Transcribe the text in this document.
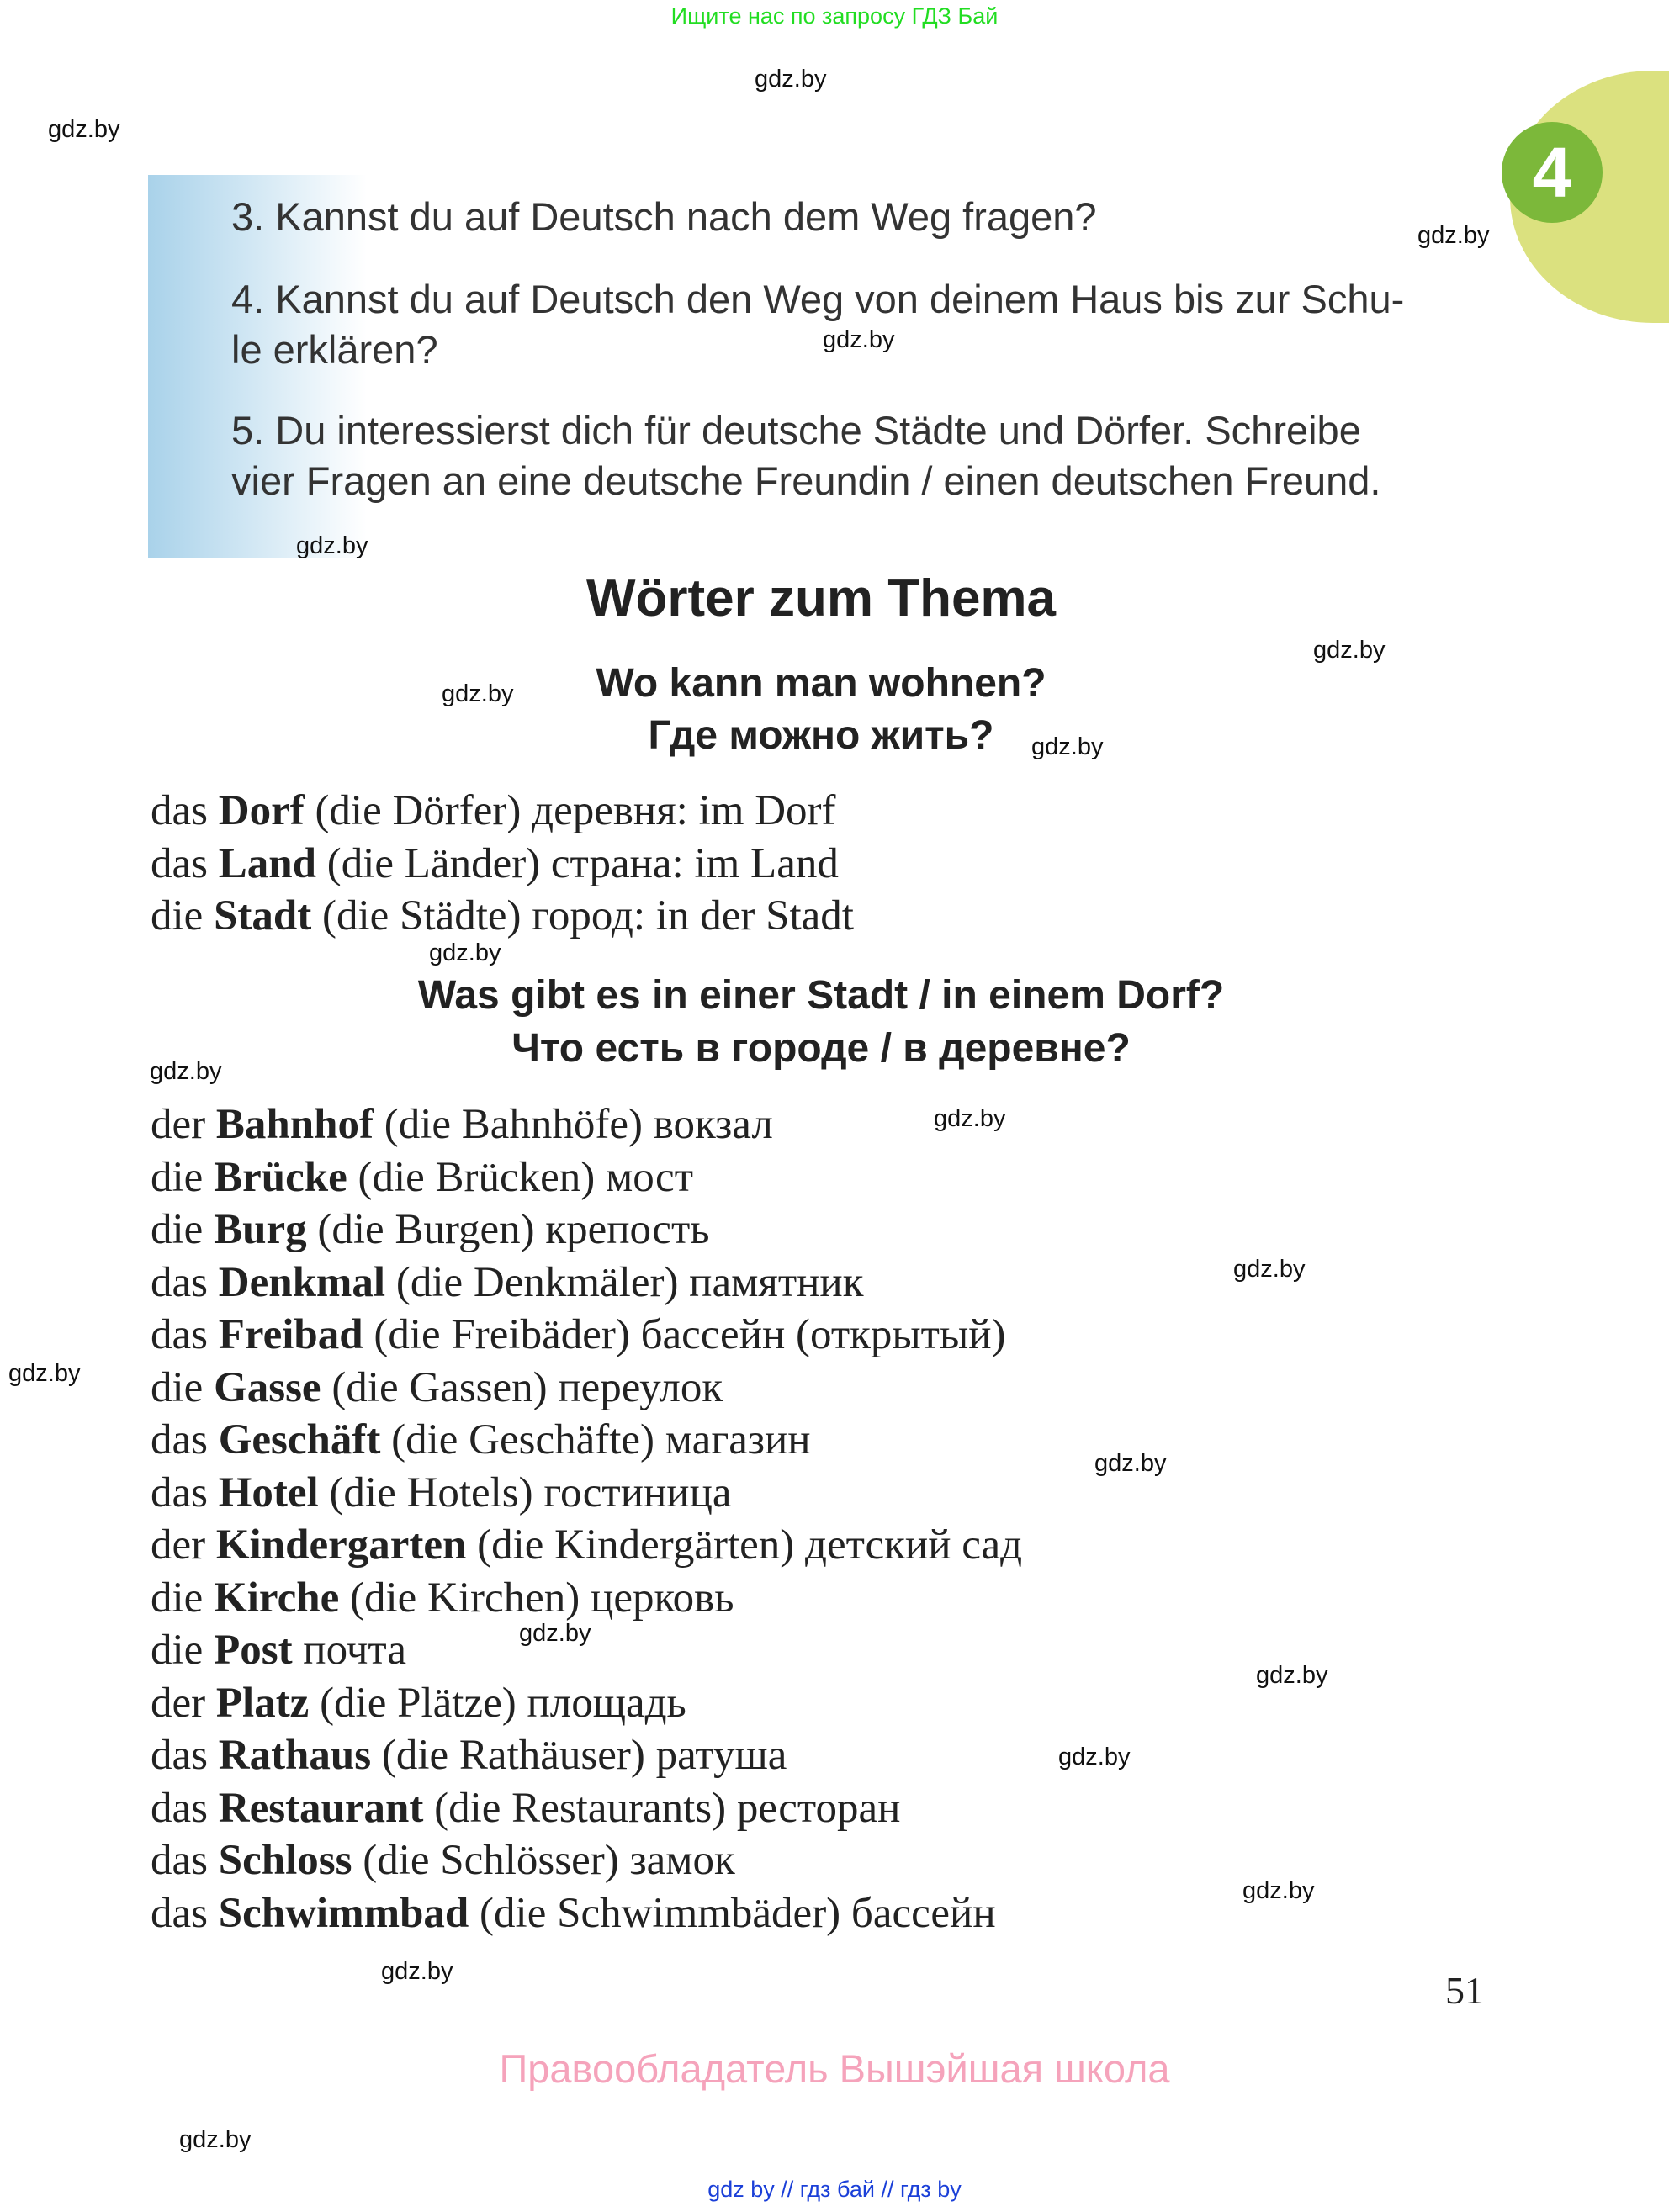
Ищите нас по запросу ГДЗ Бай
4
3. Kannst du auf Deutsch nach dem Weg fragen?
4. Kannst du auf Deutsch den Weg von deinem Haus bis zur Schu-
le erklären?
5. Du interessierst dich für deutsche Städte und Dörfer. Schreibe
vier Fragen an eine deutsche Freundin / einen deutschen Freund.
Wörter zum Thema
Wo kann man wohnen?
Где можно жить?
das Dorf (die Dörfer) деревня: im Dorf
das Land (die Länder) страна: im Land
die Stadt (die Städte) город: in der Stadt
Was gibt es in einer Stadt / in einem Dorf?
Что есть в городе / в деревне?
der Bahnhof (die Bahnhöfe) вокзал
die Brücke (die Brücken) мост
die Burg (die Burgen) крепость
das Denkmal (die Denkmäler) памятник
das Freibad (die Freibäder) бассейн (открытый)
die Gasse (die Gassen) переулок
das Geschäft (die Geschäfte) магазин
das Hotel (die Hotels) гостиница
der Kindergarten (die Kindergärten) детский сад
die Kirche (die Kirchen) церковь
die Post почта
der Platz (die Plätze) площадь
das Rathaus (die Rathäuser) ратуша
das Restaurant (die Restaurants) ресторан
das Schloss (die Schlösser) замок
das Schwimmbad (die Schwimmbäder) бассейн
51
Правообладатель Вышэйшая школа
gdz by // гдз бай // гдз by
gdz.by
gdz.by
gdz.by
gdz.by
gdz.by
gdz.by
gdz.by
gdz.by
gdz.by
gdz.by
gdz.by
gdz.by
gdz.by
gdz.by
gdz.by
gdz.by
gdz.by
gdz.by
gdz.by
gdz.by
